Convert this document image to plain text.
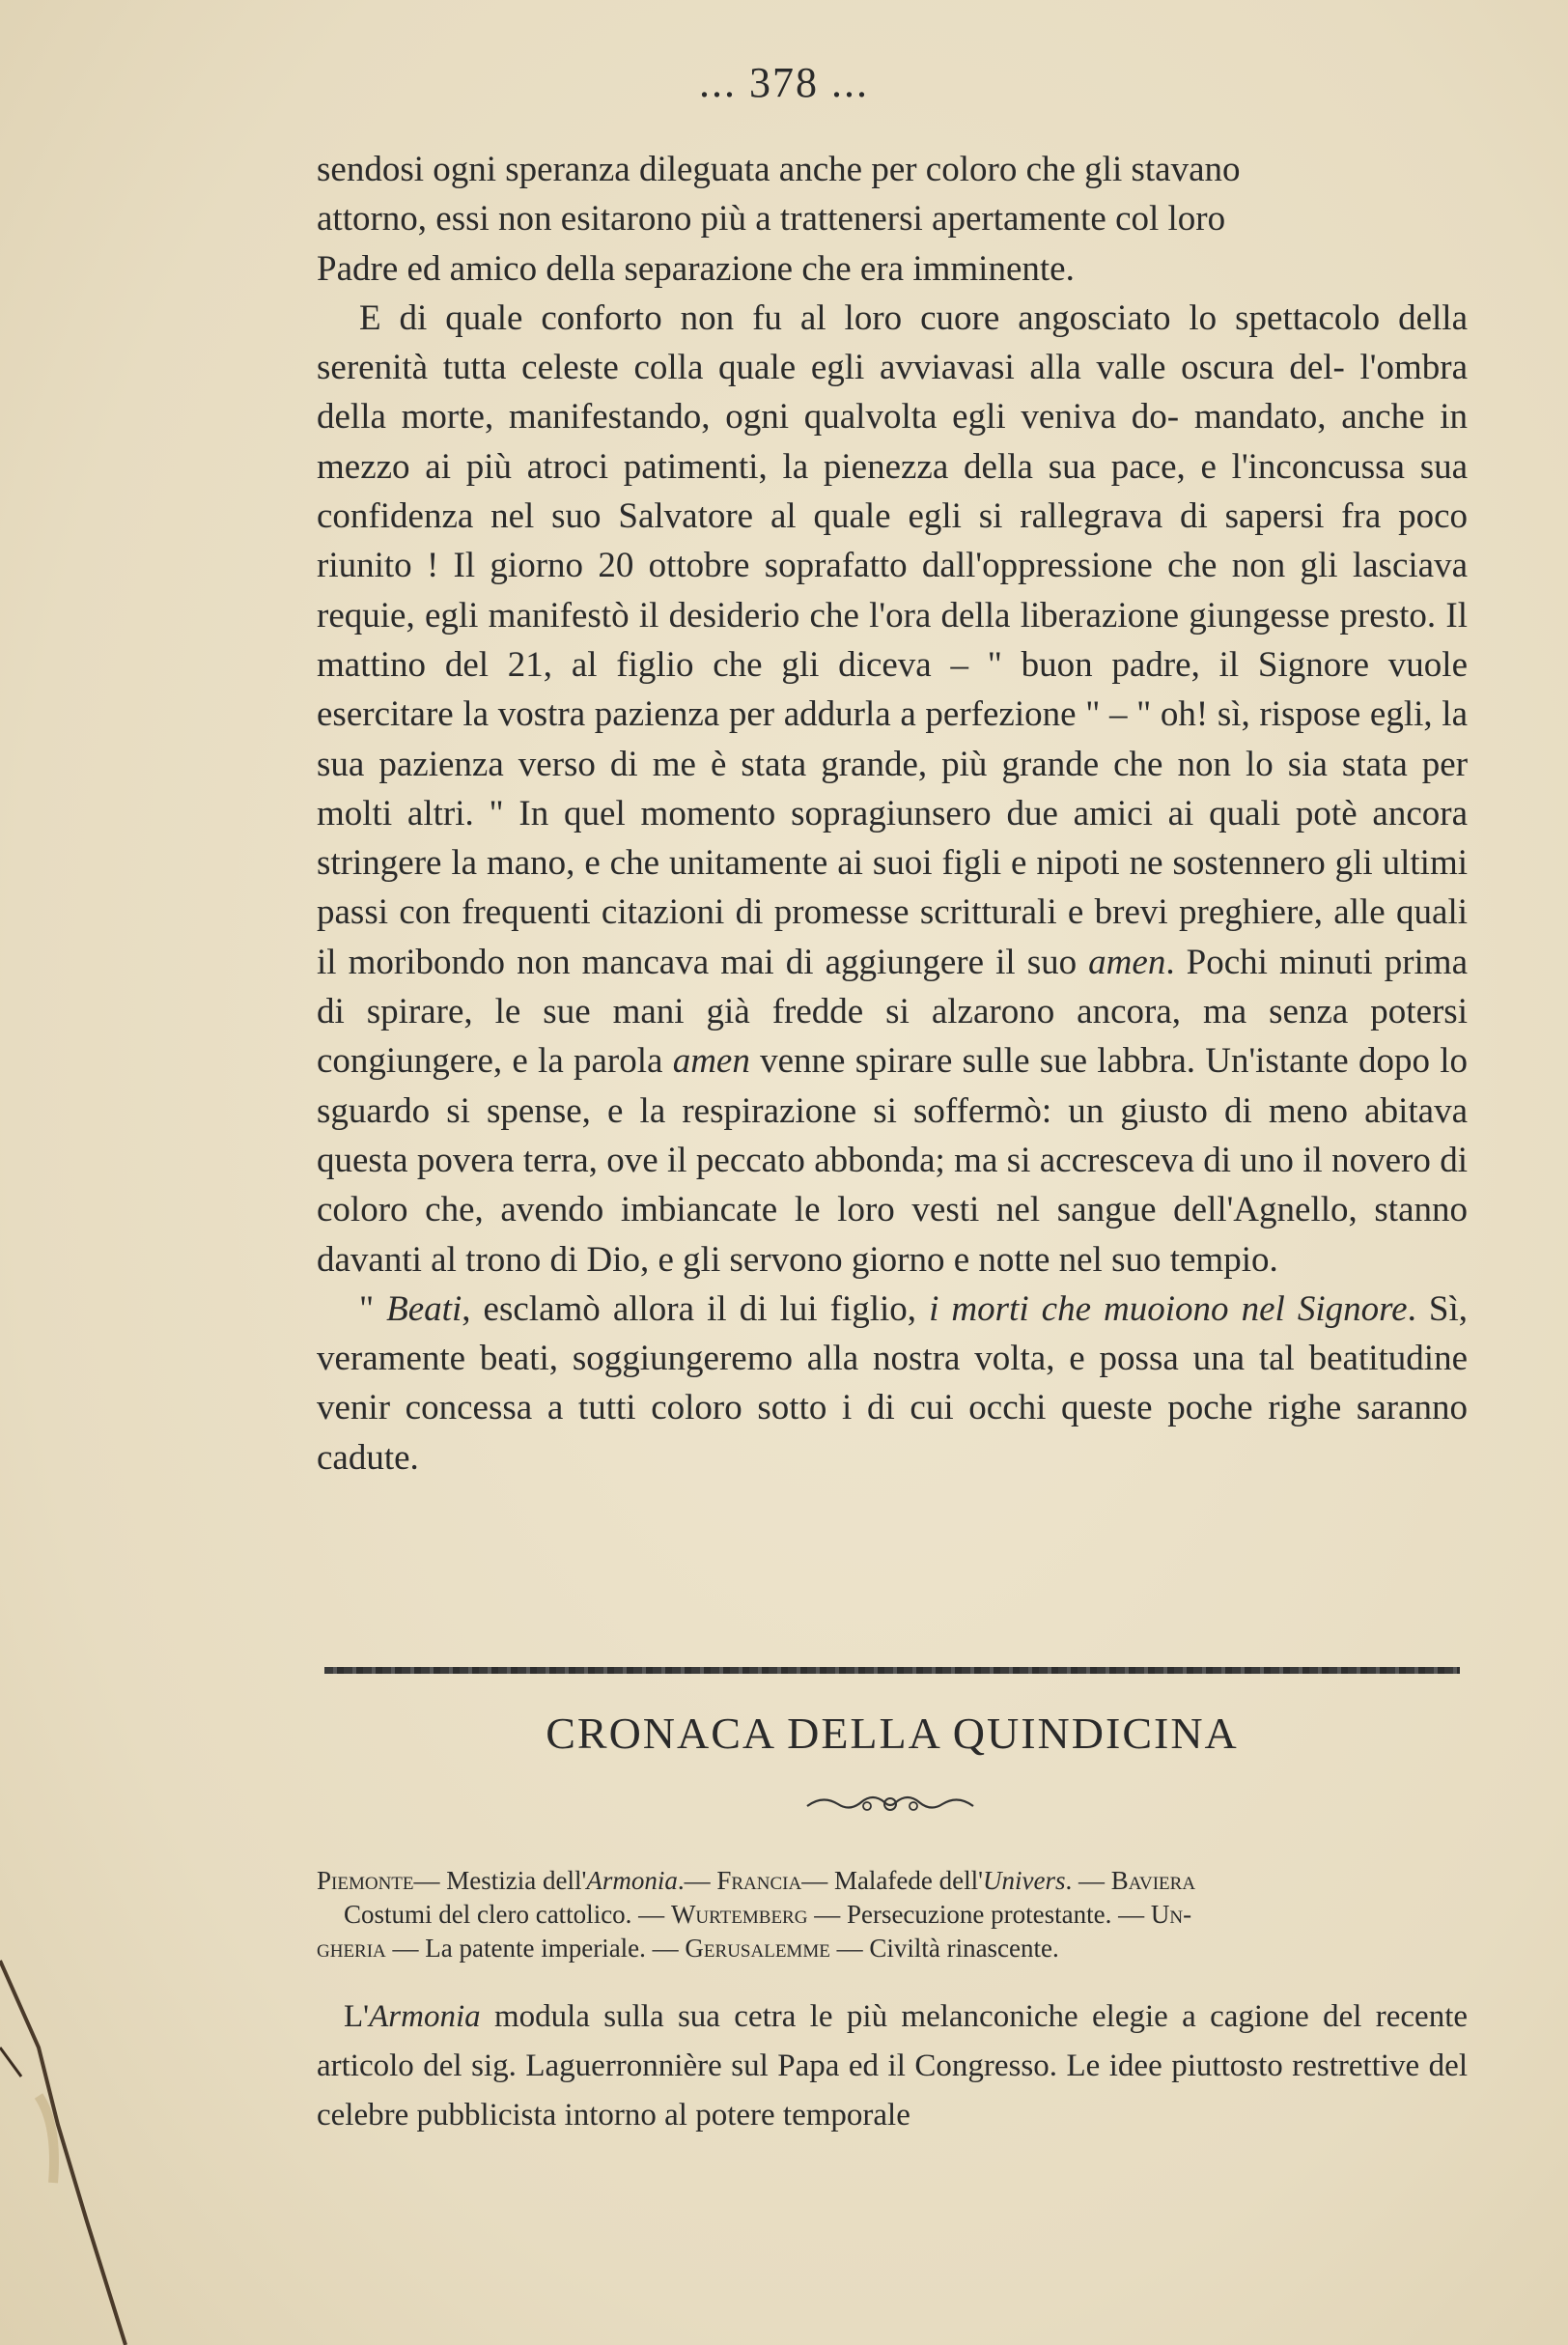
... 378 ...

sendosi ogni speranza dileguata anche per coloro che gli stavano
attorno, essi non esitarono più a trattenersi apertamente col loro
Padre ed amico della separazione che era imminente.

E di quale conforto non fu al loro cuore angosciato lo spettacolo della serenità tutta celeste colla quale egli avviavasi alla valle oscura del- l'ombra della morte, manifestando, ogni qualvolta egli veniva do- mandato, anche in mezzo ai più atroci patimenti, la pienezza della sua pace, e l'inconcussa sua confidenza nel suo Salvatore al quale egli si rallegrava di sapersi fra poco riunito ! Il giorno 20 ottobre soprafatto dall'oppressione che non gli lasciava requie, egli manifestò il desiderio che l'ora della liberazione giungesse presto. Il mattino del 21, al figlio che gli diceva – " buon padre, il Signore vuole esercitare la vostra pazienza per addurla a perfezione " – " oh! sì, rispose egli, la sua pazienza verso di me è stata grande, più grande che non lo sia stata per molti altri. " In quel momento sopragiunsero due amici ai quali potè ancora stringere la mano, e che unitamente ai suoi figli e nipoti ne sostennero gli ultimi passi con frequenti citazioni di promesse scritturali e brevi preghiere, alle quali il moribondo non mancava mai di aggiungere il suo amen. Pochi minuti prima di spirare, le sue mani già fredde si alzarono ancora, ma senza potersi congiungere, e la parola amen venne spirare sulle sue labbra. Un'istante dopo lo sguardo si spense, e la respirazione si soffermò: un giusto di meno abitava questa povera terra, ove il peccato abbonda; ma si accresceva di uno il novero di coloro che, avendo imbiancate le loro vesti nel sangue dell'Agnello, stanno davanti al trono di Dio, e gli servono giorno e notte nel suo tempio.

" Beati, esclamò allora il di lui figlio, i morti che muoiono nel Signore. Sì, veramente beati, soggiungeremo alla nostra volta, e possa una tal beatitudine venir concessa a tutti coloro sotto i di cui occhi queste poche righe saranno cadute.

CRONACA DELLA QUINDICINA

Piemonte— Mestizia dell'Armonia.— Francia— Malafede dell'Univers. — Baviera

Costumi del clero cattolico. — Wurtemberg — Persecuzione protestante. — Un-

gheria — La patente imperiale. — Gerusalemme — Civiltà rinascente.

L'Armonia modula sulla sua cetra le più melanconiche elegie a cagione del recente articolo del sig. Laguerronnière sul Papa ed il Congresso. Le idee piuttosto restrettive del celebre pubblicista intorno al potere temporale
